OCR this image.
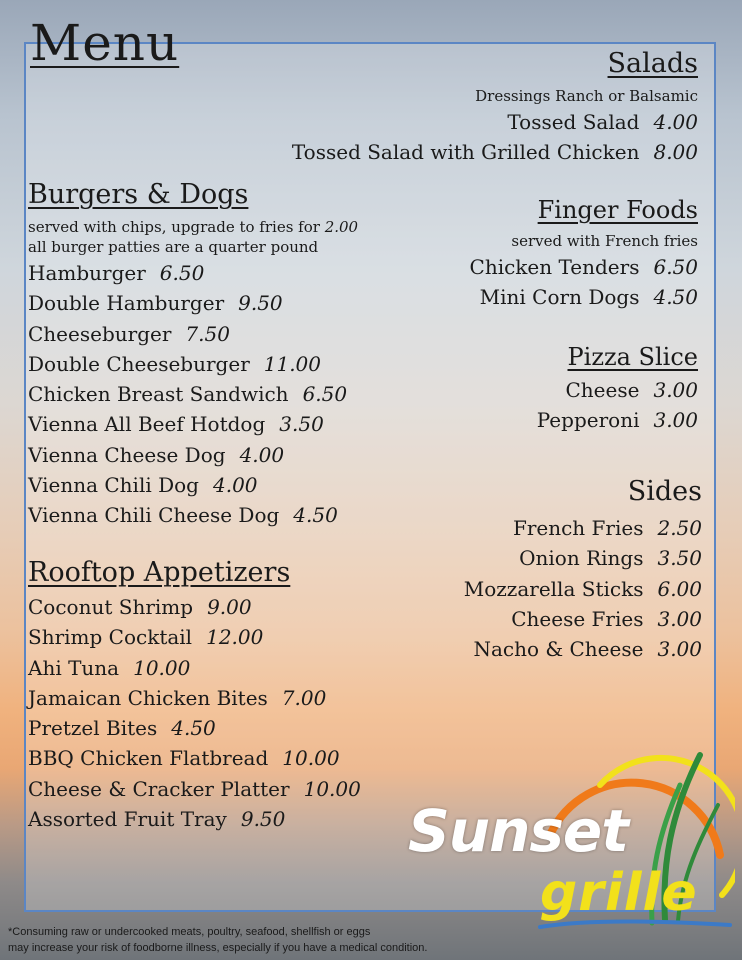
Menu	Salads

Dressings Ranch or Balsamic

Tossed Salad 4.00

Tossed Salad with Grilled Chicken 8.00

Burgers & Dogs

served with chips, upgrade to fries for 2.00

all burger patties are a quarter pound

Hamburger 6.50

Double Hamburger 9.50

Cheeseburger 7.50

Double Cheeseburger 11.00

Chicken Breast Sandwich 6.50

Vienna All Beef Hotdog 3.50

Vienna Cheese Dog 4.00

Vienna Chili Dog 4.00

Vienna Chili Cheese Dog 4.50

Finger Foods

served with French fries

Chicken Tenders 6.50

Mini Corn Dogs 4.50

Pizza Slice

Cheese 3.00

Pepperoni 3.00

Sides

French Fries 2.50

Onion Rings 3.50

Mozzarella Sticks 6.00

Cheese Fries 3.00

Nacho & Cheese 3.00

Rooftop Appetizers

Coconut Shrimp 9.00

Shrimp Cocktail 12.00

Ahi Tuna 10.00

Jamaican Chicken Bites 7.00

Pretzel Bites 4.50

BBQ Chicken Flatbread 10.00

Cheese & Cracker Platter 10.00

Assorted Fruit Tray 9.50	Sunset
grille
*Consuming raw or undercooked meats, poultry, seafood, shellfish or eggs
may increase your risk of foodborne illness, especially if you have a medical condition.
